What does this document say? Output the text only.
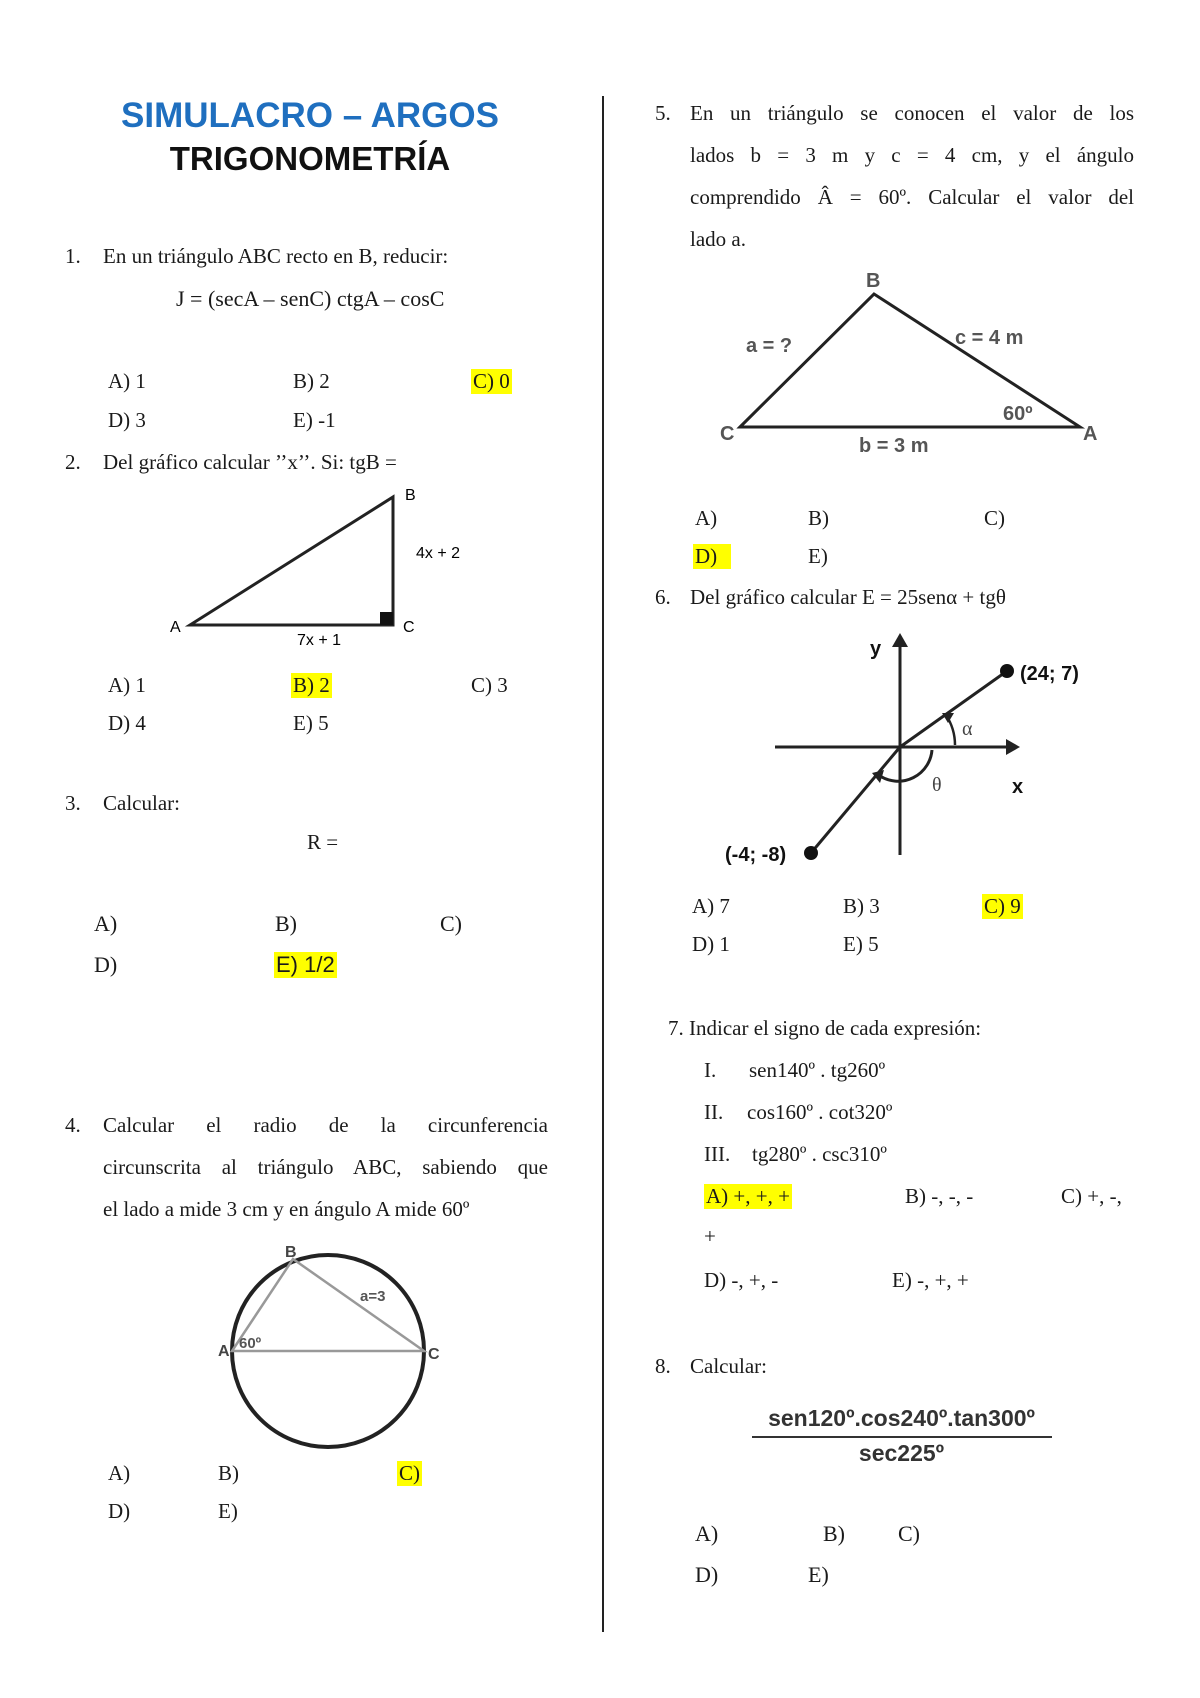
SIMULACRO – ARGOS
TRIGONOMETRÍA
1. En un triángulo ABC recto en B, reducir:
J = (secA – senC) ctgA – cosC
A) 1	B) 2	C) 0
D) 3	E) -1
2. Del gráfico calcular ’’x’’. Si: tgB =
B
A	C
4x + 2
7x + 1
A) 1	B) 2	C) 3
D) 4	E) 5
3. Calcular:
R =
A)	B)	C)
D)	E) 1/2
4. Calcular el radio de la circunferencia
circunscrita al triángulo ABC, sabiendo que
el lado a mide 3 cm y en ángulo A mide 60º
B
A	C
a=3
60º
A)	B)	C)
D)	E)
5. En un triángulo se conocen el valor de los
lados b = 3 m y c = 4 cm, y el ángulo
comprendido Â = 60º. Calcular el valor del
lado a.
B
C	A
a = ?	c = 4 m
b = 3 m
60º
A)	B)	C)
D)	E)
6. Del gráfico calcular E = 25senα + tgθ
y
x
(24; 7)
(-4; -8)
α
θ
A) 7	B) 3	C) 9
D) 1	E) 5
7. Indicar el signo de cada expresión:
I. sen140º . tg260º
II. cos160º . cot320º
III. tg280º . csc310º
A) +, +, +	B) -, -, -	C) +, -,
+
D) -, +, -	E) -, +, +
8. Calcular:
sen120º.cos240º.tan300º
sec225º
A)	B) C)
D)	E)
